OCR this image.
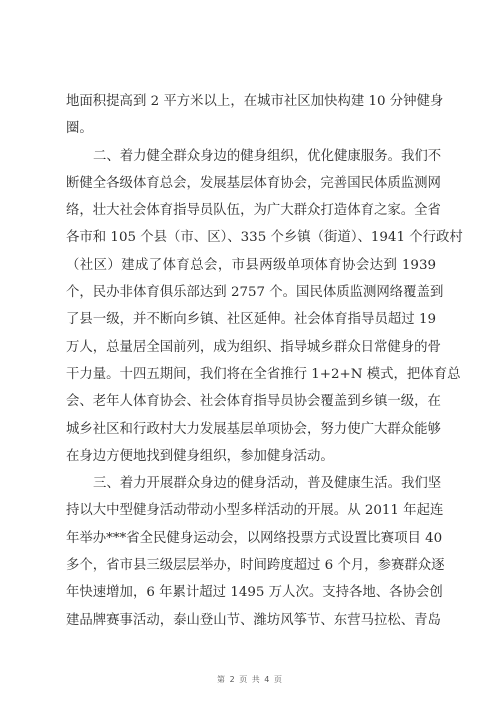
地面积提高到 2 平方米以上，在城市社区加快构建 10 分钟健身
圈。
二、着力健全群众身边的健身组织，优化健康服务。我们不
断健全各级体育总会，发展基层体育协会，完善国民体质监测网
络，壮大社会体育指导员队伍，为广大群众打造体育之家。全省
各市和 105 个县（市、区）、335 个乡镇（街道）、1941 个行政村
（社区）建成了体育总会，市县两级单项体育协会达到 1939
个，民办非体育俱乐部达到 2757 个。国民体质监测网络覆盖到
了县一级，并不断向乡镇、社区延伸。社会体育指导员超过 19
万人，总量居全国前列，成为组织、指导城乡群众日常健身的骨
干力量。十四五期间，我们将在全省推行 1+2+N 模式，把体育总
会、老年人体育协会、社会体育指导员协会覆盖到乡镇一级，在
城乡社区和行政村大力发展基层单项协会，努力使广大群众能够
在身边方便地找到健身组织，参加健身活动。
三、着力开展群众身边的健身活动，普及健康生活。我们坚
持以大中型健身活动带动小型多样活动的开展。从 2011 年起连
年举办***省全民健身运动会，以网络投票方式设置比赛项目 40
多个，省市县三级层层举办，时间跨度超过 6 个月，参赛群众逐
年快速增加，6 年累计超过 1495 万人次。支持各地、各协会创
建品牌赛事活动，泰山登山节、潍坊风筝节、东营马拉松、青岛
第 2 页 共 4 页
